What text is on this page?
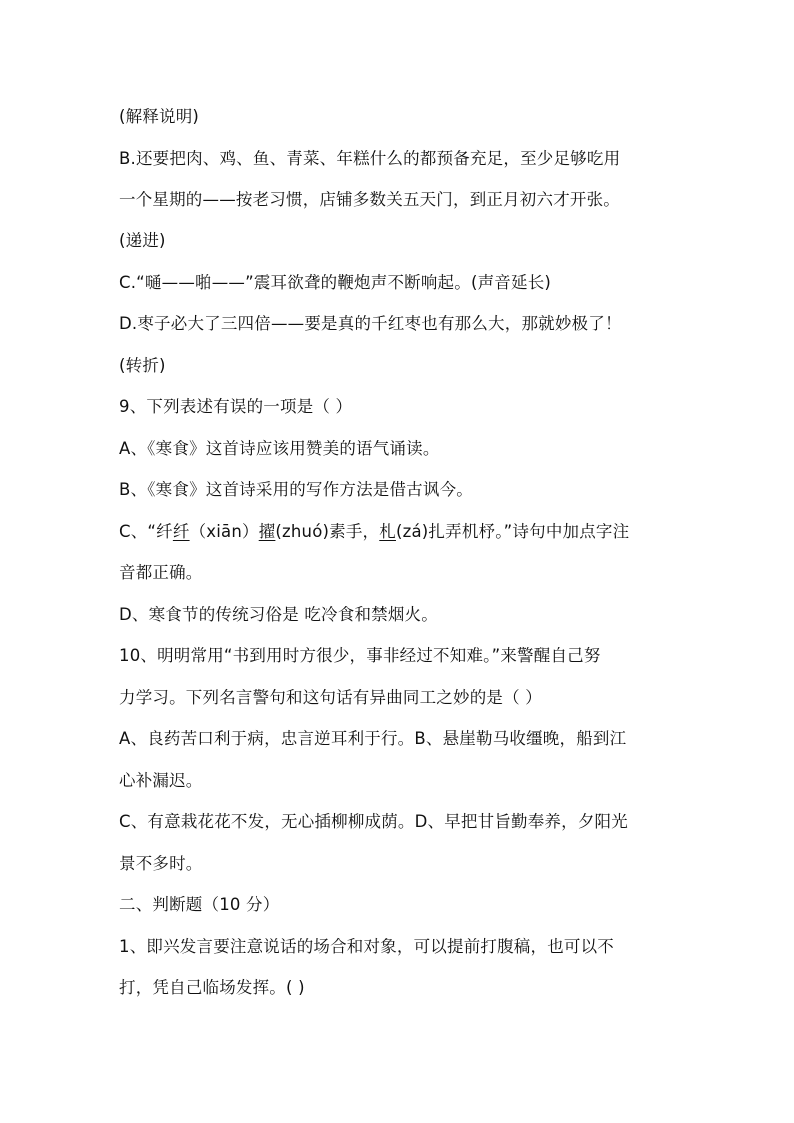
(解释说明)
B.还要把肉、鸡、鱼、青菜、年糕什么的都预备充足，至少足够吃用
一个星期的——按老习惯，店铺多数关五天门，到正月初六才开张。
(递进)
C.“嗵——啪——”震耳欲聋的鞭炮声不断响起。(声音延长)
D.枣子必大了三四倍——要是真的千红枣也有那么大，那就妙极了！
(转折)
9、下列表述有误的一项是（ ）
A、《寒食》这首诗应该用赞美的语气诵读。
B、《寒食》这首诗采用的写作方法是借古讽今。
C、“纤纤（xiān）擢(zhuó)素手，札(zá)扎弄机杼。”诗句中加点字注
音都正确。
D、寒食节的传统习俗是 吃冷食和禁烟火。
10、明明常用“书到用时方很少，事非经过不知难。”来警醒自己努
力学习。下列名言警句和这句话有异曲同工之妙的是（ ）
A、良药苦口利于病，忠言逆耳利于行。B、悬崖勒马收缰晚，船到江
心补漏迟。
C、有意栽花花不发，无心插柳柳成荫。D、早把甘旨勤奉养，夕阳光
景不多时。
二、判断题（10 分）
1、即兴发言要注意说话的场合和对象，可以提前打腹稿，也可以不
打，凭自己临场发挥。( )
